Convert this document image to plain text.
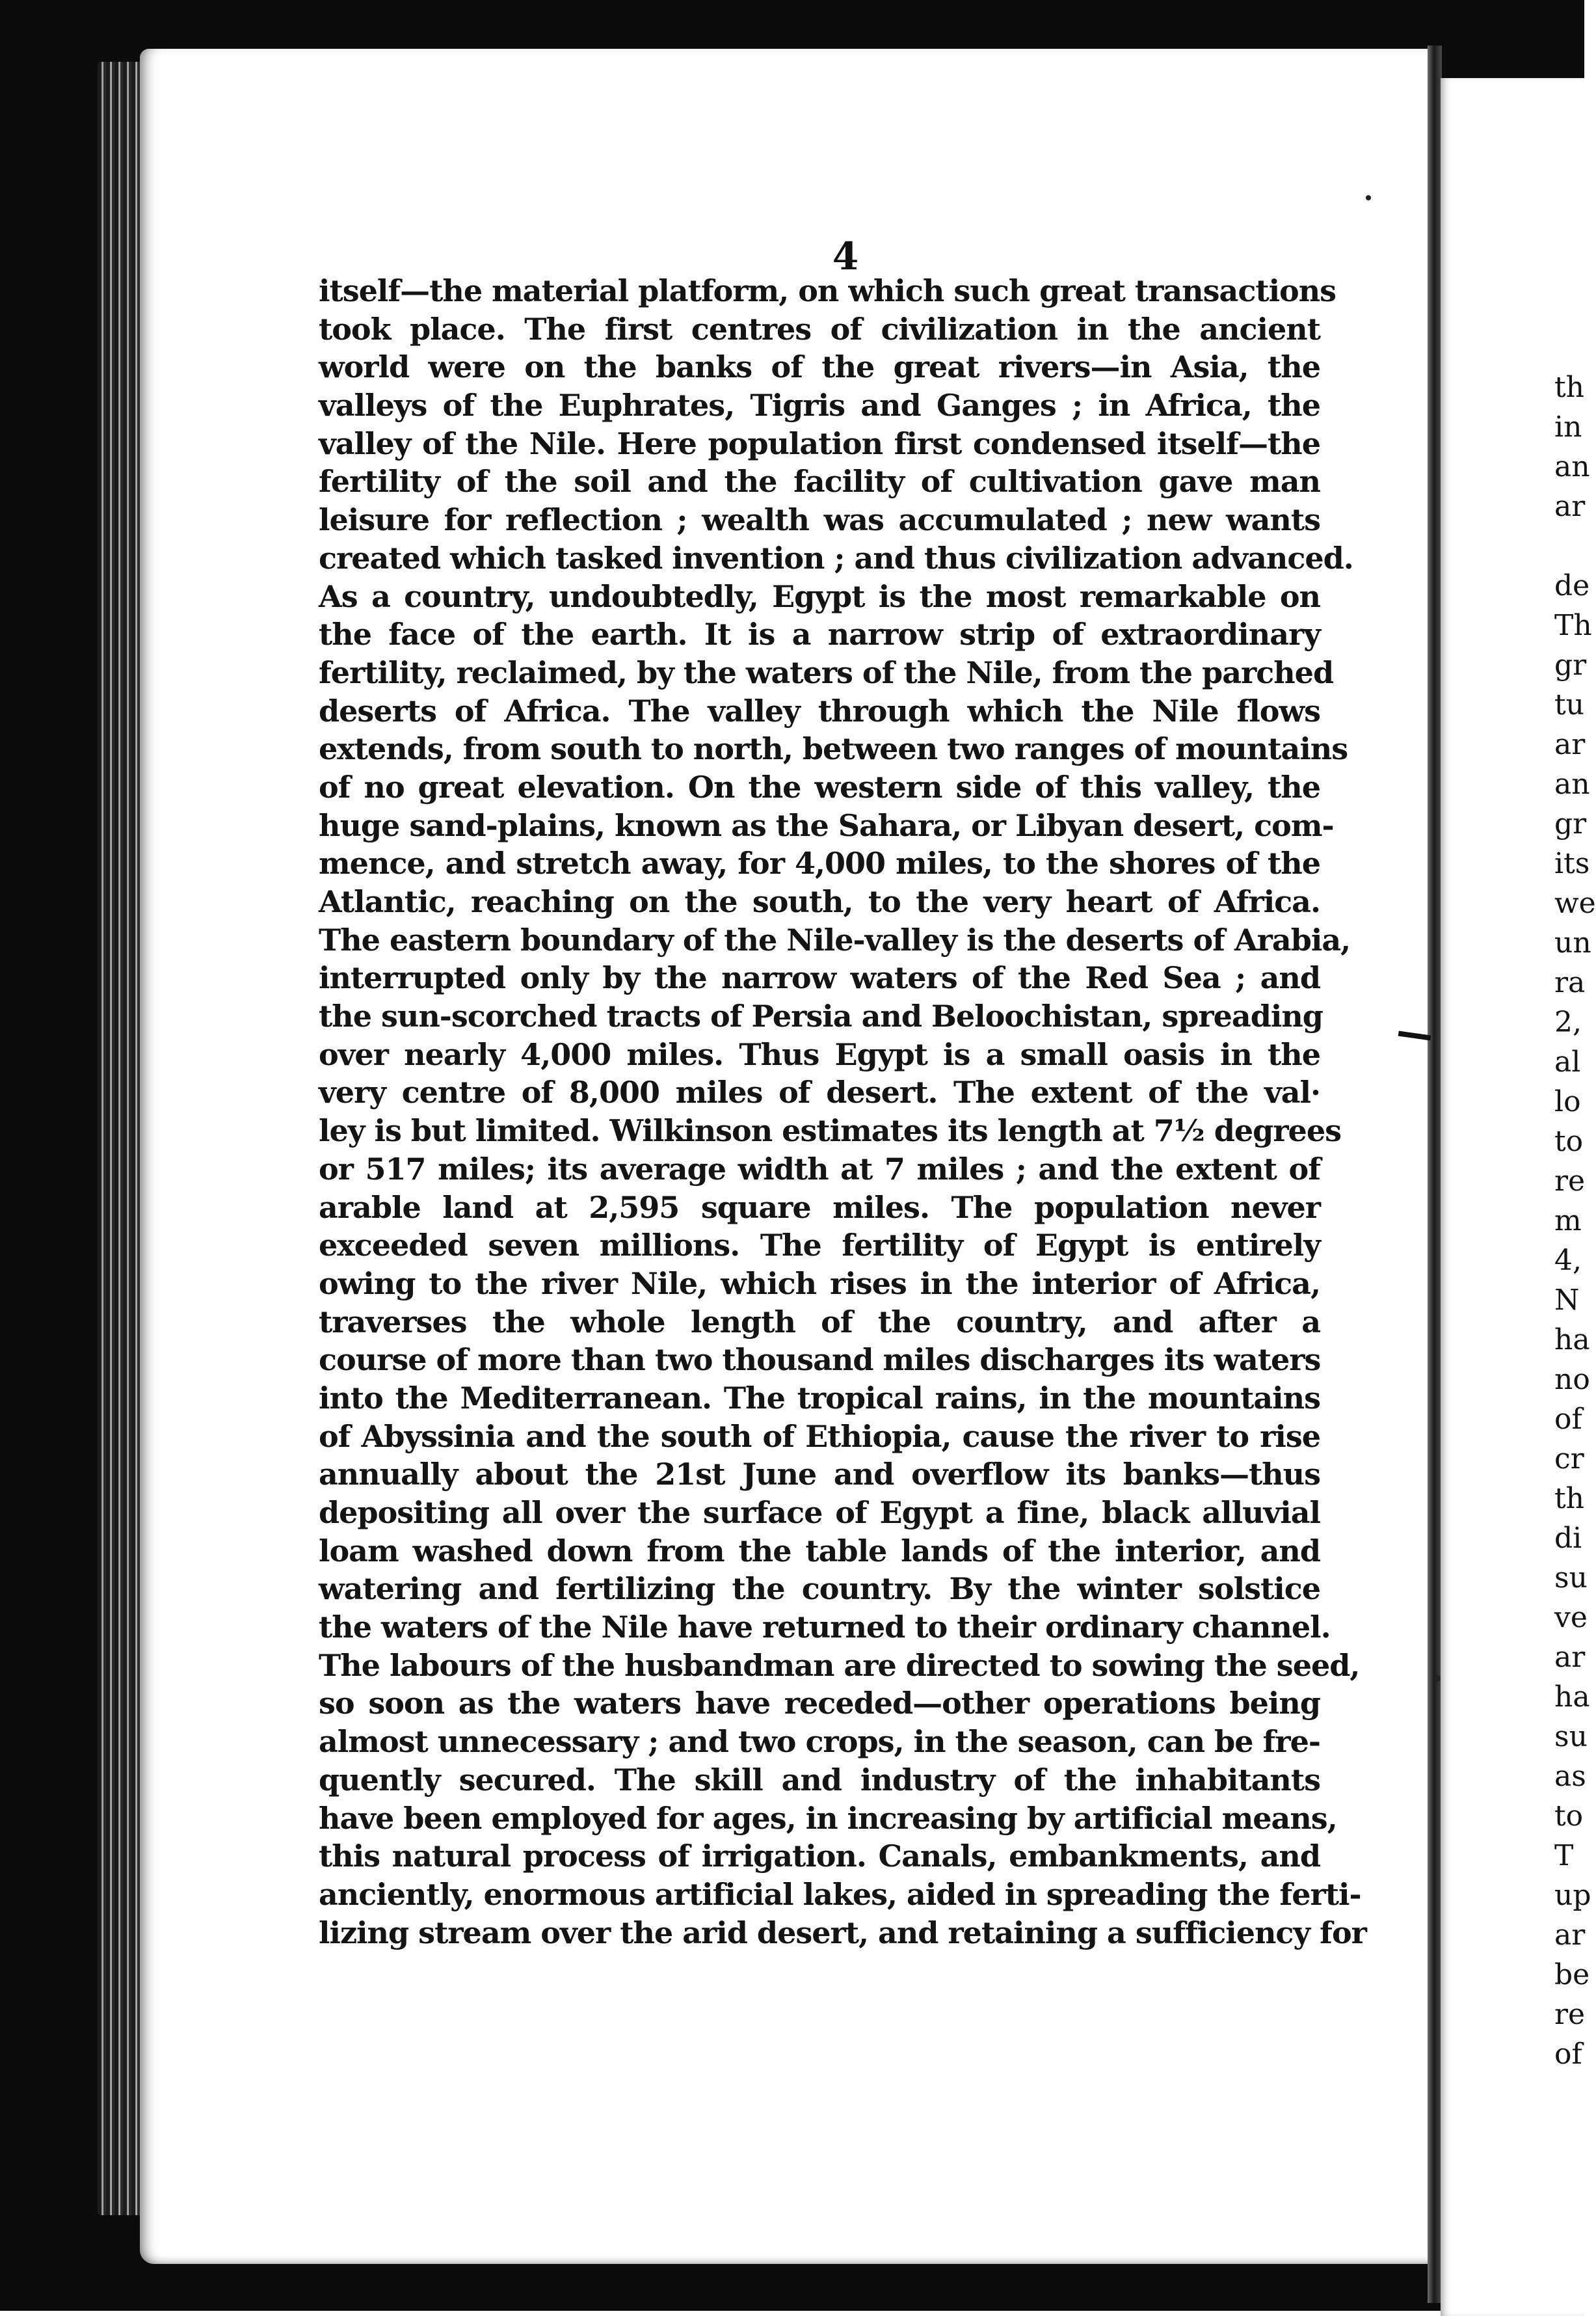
4
itself—the material platform, on which such great transactions
took place. The first centres of civilization in the ancient
world were on the banks of the great rivers—in Asia, the
valleys of the Euphrates, Tigris and Ganges ; in Africa, the
valley of the Nile. Here population first condensed itself—the
fertility of the soil and the facility of cultivation gave man
leisure for reflection ; wealth was accumulated ; new wants
created which tasked invention ; and thus civilization advanced.
As a country, undoubtedly, Egypt is the most remarkable on
the face of the earth. It is a narrow strip of extraordinary
fertility, reclaimed, by the waters of the Nile, from the parched
deserts of Africa. The valley through which the Nile flows
extends, from south to north, between two ranges of mountains
of no great elevation. On the western side of this valley, the
huge sand-plains, known as the Sahara, or Libyan desert, com-
mence, and stretch away, for 4,000 miles, to the shores of the
Atlantic, reaching on the south, to the very heart of Africa.
The eastern boundary of the Nile-valley is the deserts of Arabia,
interrupted only by the narrow waters of the Red Sea ; and
the sun-scorched tracts of Persia and Beloochistan, spreading
over nearly 4,000 miles. Thus Egypt is a small oasis in the
very centre of 8,000 miles of desert. The extent of the val·
ley is but limited. Wilkinson estimates its length at 7½ degrees
or 517 miles; its average width at 7 miles ; and the extent of
arable land at 2,595 square miles. The population never
exceeded seven millions. The fertility of Egypt is entirely
owing to the river Nile, which rises in the interior of Africa,
traverses the whole length of the country, and after a
course of more than two thousand miles discharges its waters
into the Mediterranean. The tropical rains, in the mountains
of Abyssinia and the south of Ethiopia, cause the river to rise
annually about the 21st June and overflow its banks—thus
depositing all over the surface of Egypt a fine, black alluvial
loam washed down from the table lands of the interior, and
watering and fertilizing the country. By the winter solstice
the waters of the Nile have returned to their ordinary channel.
The labours of the husbandman are directed to sowing the seed,
so soon as the waters have receded—other operations being
almost unnecessary ; and two crops, in the season, can be fre-
quently secured. The skill and industry of the inhabitants
have been employed for ages, in increasing by artificial means,
this natural process of irrigation. Canals, embankments, and
anciently, enormous artificial lakes, aided in spreading the ferti-
lizing stream over the arid desert, and retaining a sufficiency for
th
in
an
ar
de
Th
gr
tu
ar
an
gr
its
we
un
ra
2,
al
lo
to
re
m
4,
N
ha
no
of
cr
th
di
su
ve
ar
ha
su
as
to
T
up
ar
be
re
of
